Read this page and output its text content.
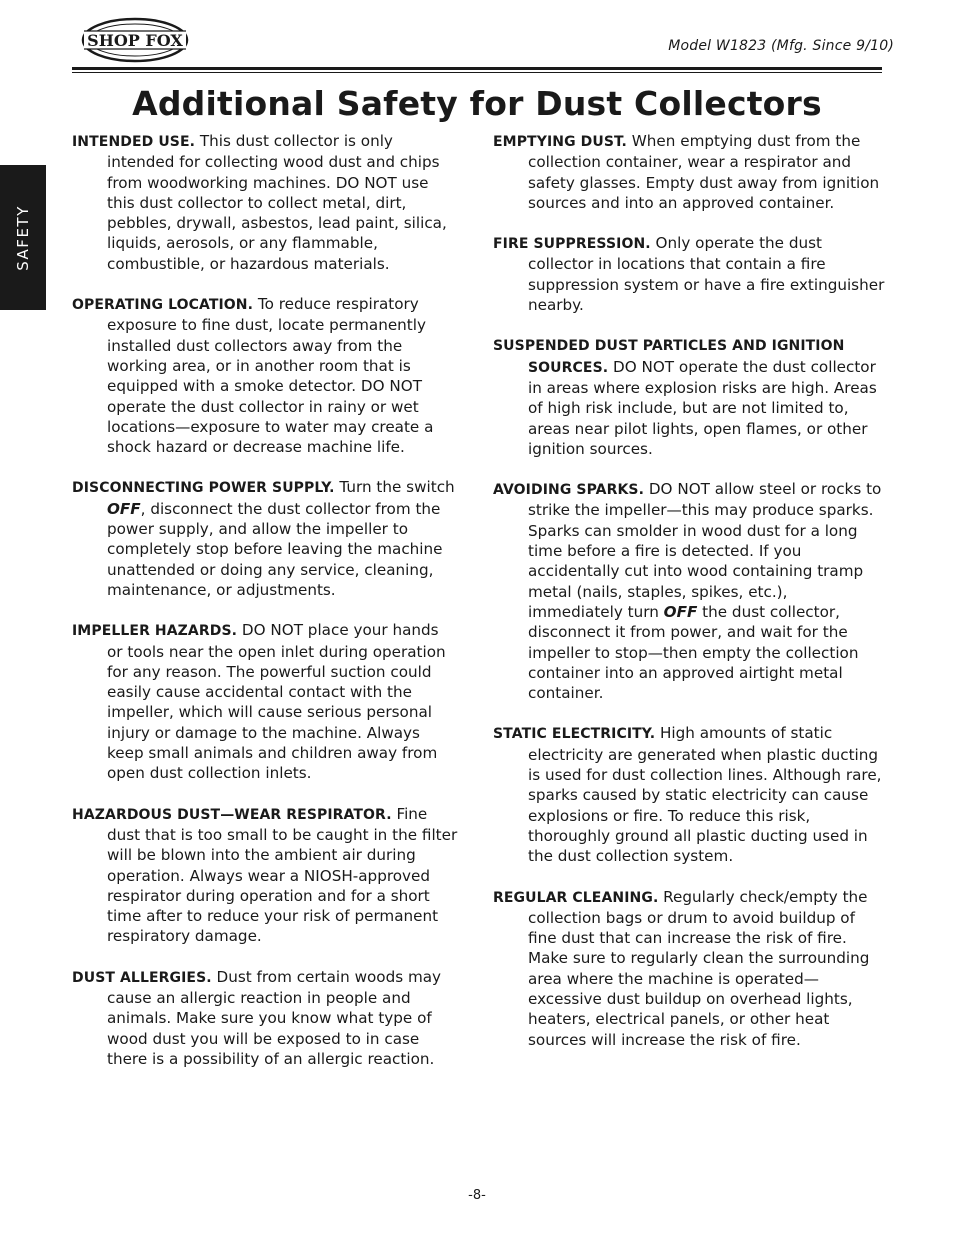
SHOP FOX	Model W1823 (Mfg. Since 9/10)
Additional Safety for Dust Collectors
SAFETY

INTENDED USE. This dust collector is only intended for collecting wood dust and chips from woodworking machines. DO NOT use this dust collector to collect metal, dirt, pebbles, drywall, asbestos, lead paint, silica, liquids, aerosols, or any flammable, combustible, or hazardous materials.

OPERATING LOCATION. To reduce respiratory exposure to fine dust, locate permanently installed dust collectors away from the working area, or in another room that is equipped with a smoke detector. DO NOT operate the dust collector in rainy or wet locations—exposure to water may create a shock hazard or decrease machine life.

DISCONNECTING POWER SUPPLY. Turn the switch OFF, disconnect the dust collector from the power supply, and allow the impeller to completely stop before leaving the machine unattended or doing any service, cleaning, maintenance, or adjustments.

IMPELLER HAZARDS. DO NOT place your hands or tools near the open inlet during operation for any reason. The powerful suction could easily cause accidental contact with the impeller, which will cause serious personal injury or damage to the machine. Always keep small animals and children away from open dust collection inlets.

HAZARDOUS DUST—WEAR RESPIRATOR. Fine dust that is too small to be caught in the filter will be blown into the ambient air during operation. Always wear a NIOSH-approved respirator during operation and for a short time after to reduce your risk of permanent respiratory damage.

DUST ALLERGIES. Dust from certain woods may cause an allergic reaction in people and animals. Make sure you know what type of wood dust you will be exposed to in case there is a possibility of an allergic reaction.

EMPTYING DUST. When emptying dust from the collection container, wear a respirator and safety glasses. Empty dust away from ignition sources and into an approved container.

FIRE SUPPRESSION. Only operate the dust collector in locations that contain a fire suppression system or have a fire extinguisher nearby.

SUSPENDED DUST PARTICLES AND IGNITION SOURCES. DO NOT operate the dust collector in areas where explosion risks are high. Areas of high risk include, but are not limited to, areas near pilot lights, open flames, or other ignition sources.

AVOIDING SPARKS. DO NOT allow steel or rocks to strike the impeller—this may produce sparks. Sparks can smolder in wood dust for a long time before a fire is detected. If you accidentally cut into wood containing tramp metal (nails, staples, spikes, etc.), immediately turn OFF the dust collector, disconnect it from power, and wait for the impeller to stop—then empty the collection container into an approved airtight metal container.

STATIC ELECTRICITY. High amounts of static electricity are generated when plastic ducting is used for dust collection lines. Although rare, sparks caused by static electricity can cause explosions or fire. To reduce this risk, thoroughly ground all plastic ducting used in the dust collection system.

REGULAR CLEANING. Regularly check/empty the collection bags or drum to avoid buildup of fine dust that can increase the risk of fire. Make sure to regularly clean the surrounding area where the machine is operated—excessive dust buildup on overhead lights, heaters, electrical panels, or other heat sources will increase the risk of fire.

-8-
